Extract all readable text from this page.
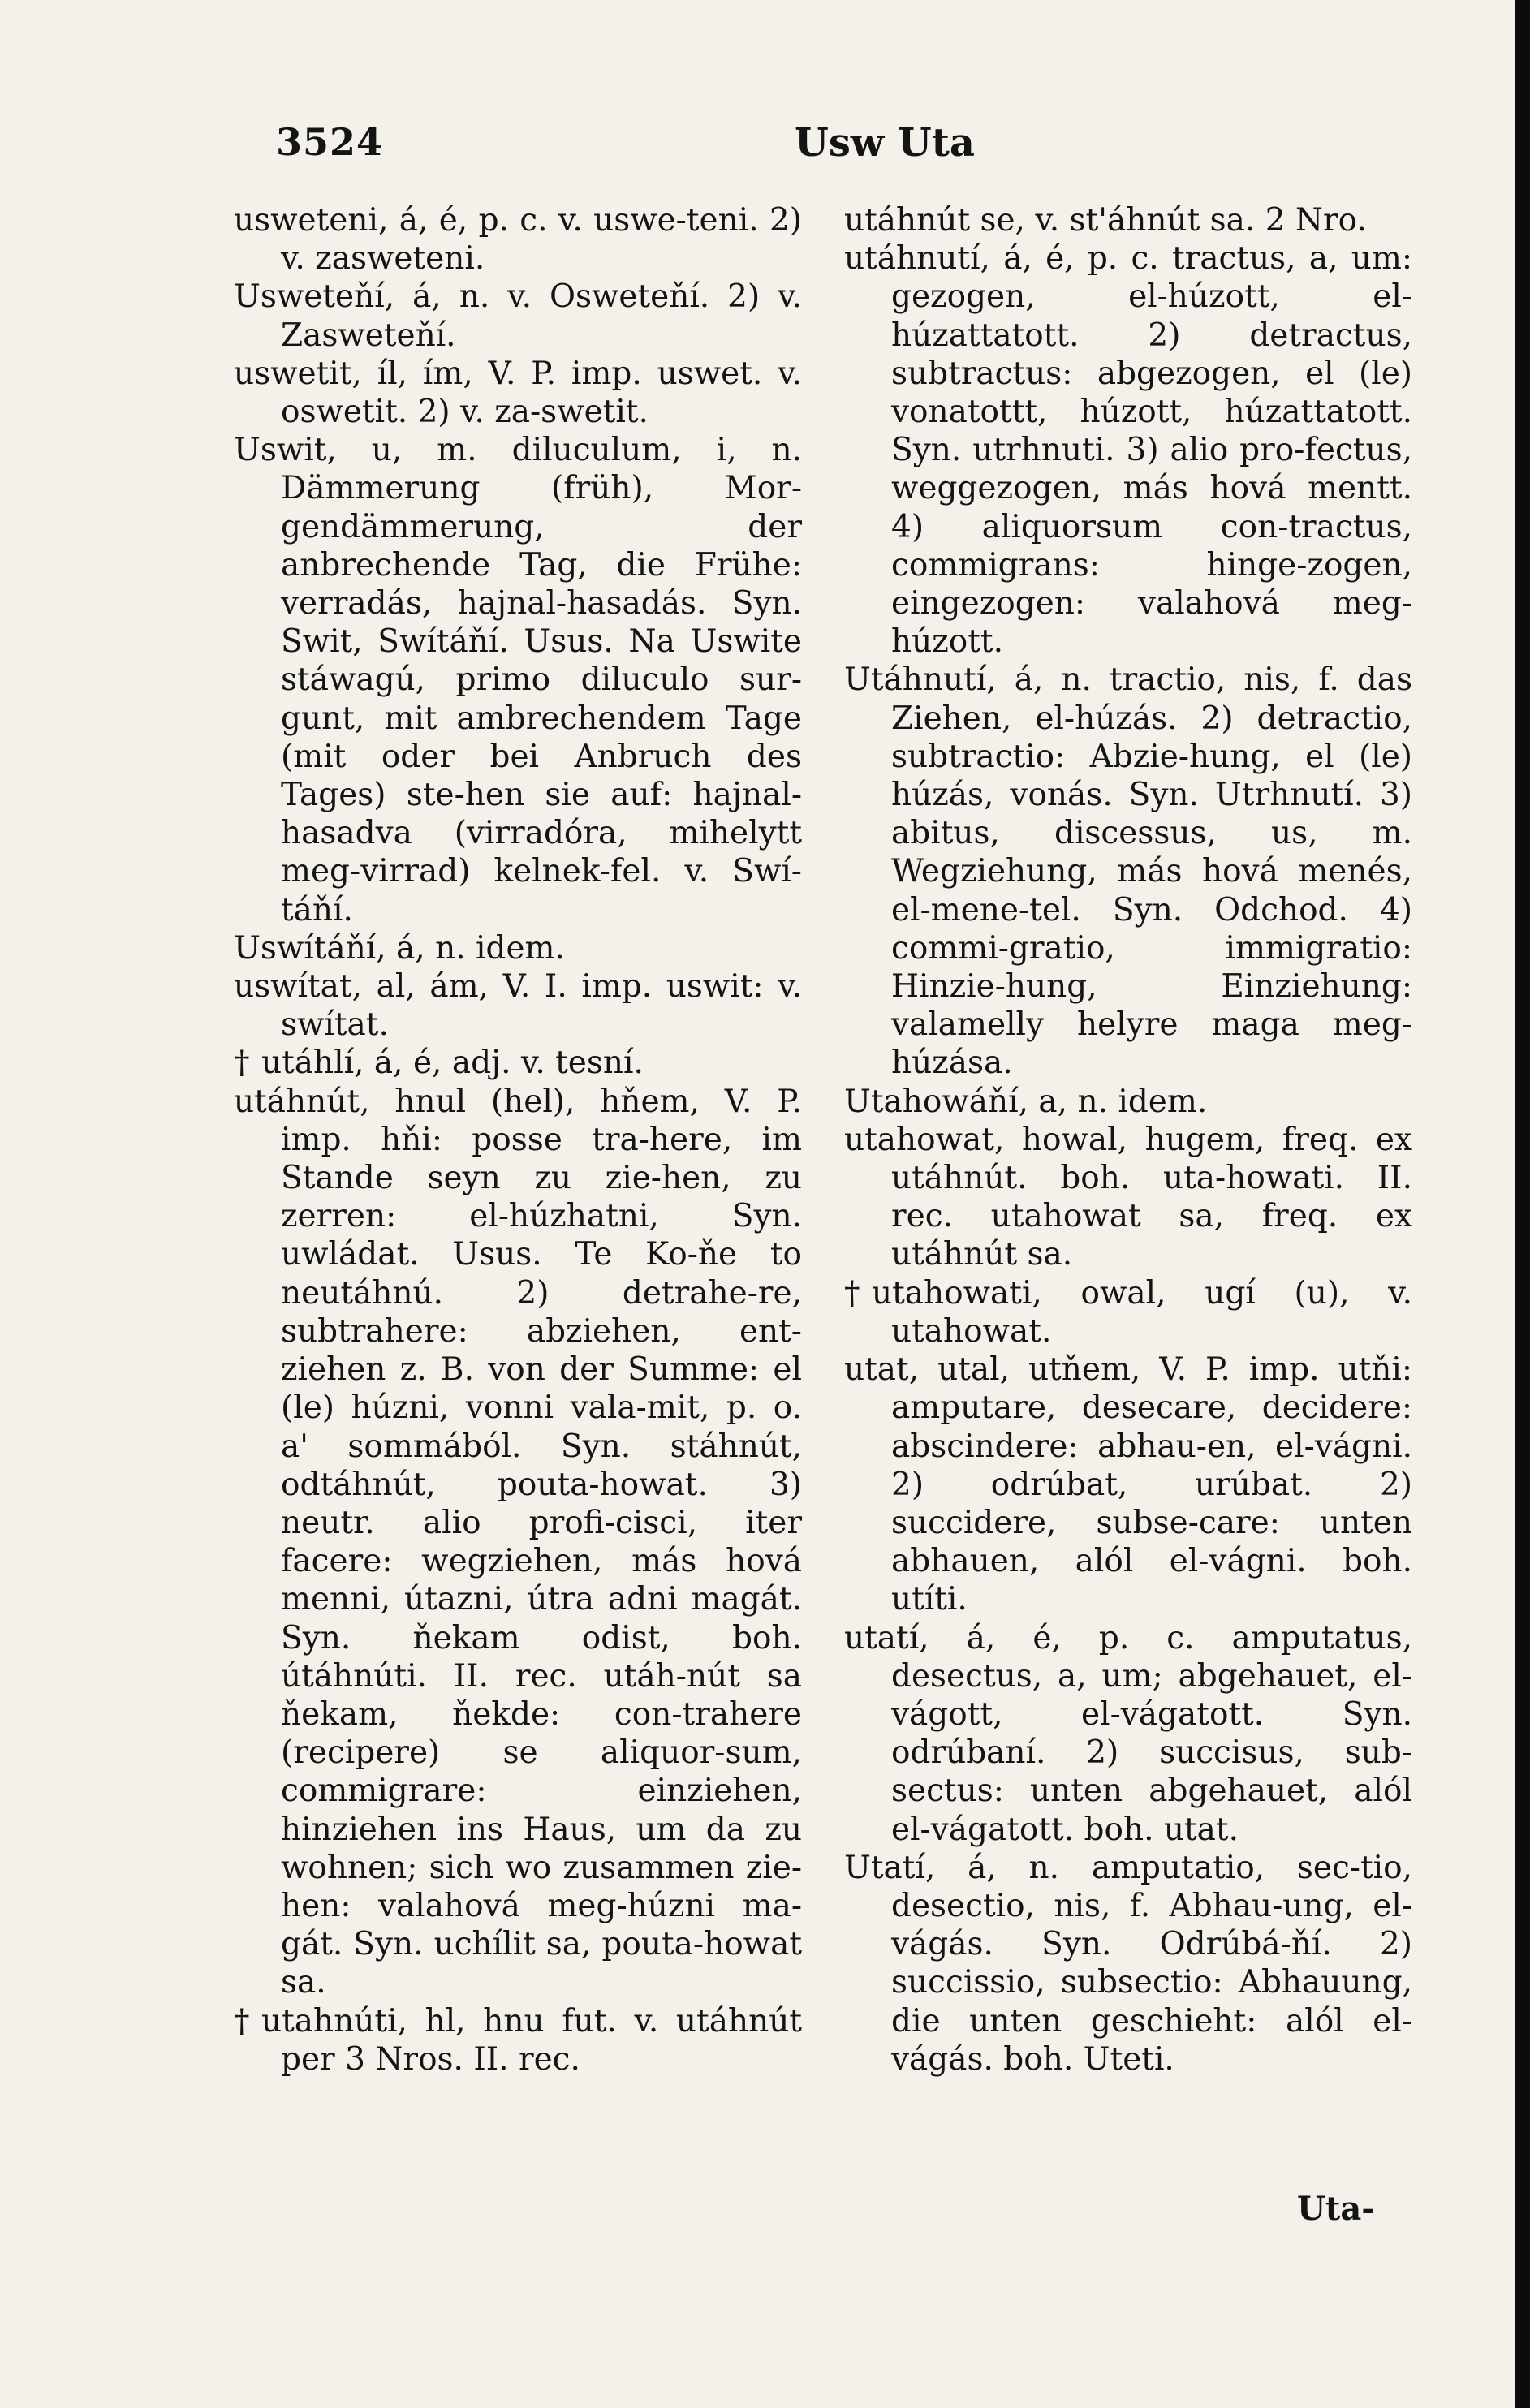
3524	Usw Uta

usweteni, á, é, p. c. v. uswe-teni. 2) v. zasweteni.

Usweteňí, á, n. v. Osweteňí. 2) v. Zasweteňí.

uswetit, íl, ím, V. P. imp. uswet. v. oswetit. 2) v. za-swetit.

Uswit, u, m. diluculum, i, n. Dämmerung (früh), Mor-gendämmerung, der anbrechende Tag, die Frühe: verradás, hajnal-hasadás. Syn. Swit, Swítáňí. Usus. Na Uswite stáwagú, primo diluculo sur-gunt, mit ambrechendem Tage (mit oder bei Anbruch des Tages) ste-hen sie auf: hajnal-hasadva (virradóra, mihelytt meg-virrad) kelnek-fel. v. Swí-táňí.

Uswítáňí, á, n. idem.

uswítat, al, ám, V. I. imp. uswit: v. swítat.

† utáhlí, á, é, adj. v. tesní.

utáhnút, hnul (hel), hňem, V. P. imp. hňi: posse tra-here, im Stande seyn zu zie-hen, zu zerren: el-húzhatni, Syn. uwládat. Usus. Te Ko-ňe to neutáhnú. 2) detrahe-re, subtrahere: abziehen, ent-ziehen z. B. von der Summe: el (le) húzni, vonni vala-mit, p. o. a' sommából. Syn. stáhnút, odtáhnút, pouta-howat. 3) neutr. alio profi-cisci, iter facere: wegziehen, más hová menni, útazni, útra adni magát. Syn. ňekam odist, boh. útáhnúti. II. rec. utáh-nút sa ňekam, ňekde: con-trahere (recipere) se aliquor-sum, commigrare: einziehen, hinziehen ins Haus, um da zu wohnen; sich wo zusammen zie-hen: valahová meg-húzni ma-gát. Syn. uchílit sa, pouta-howat sa.

† utahnúti, hl, hnu fut. v. utáhnút per 3 Nros. II. rec.

utáhnút se, v. st'áhnút sa. 2 Nro.

utáhnutí, á, é, p. c. tractus, a, um: gezogen, el-húzott, el-húzattatott. 2) detractus, subtractus: abgezogen, el (le) vonatottt, húzott, húzattatott. Syn. utrhnuti. 3) alio pro-fectus, weggezogen, más hová mentt. 4) aliquorsum con-tractus, commigrans: hinge-zogen, eingezogen: valahová meg-húzott.

Utáhnutí, á, n. tractio, nis, f. das Ziehen, el-húzás. 2) detractio, subtractio: Abzie-hung, el (le) húzás, vonás. Syn. Utrhnutí. 3) abitus, discessus, us, m. Wegziehung, más hová menés, el-mene-tel. Syn. Odchod. 4) commi-gratio, immigratio: Hinzie-hung, Einziehung: valamelly helyre maga meg-húzása.

Utahowáňí, a, n. idem.

utahowat, howal, hugem, freq. ex utáhnút. boh. uta-howati. II. rec. utahowat sa, freq. ex utáhnút sa.

† utahowati, owal, ugí (u), v. utahowat.

utat, utal, utňem, V. P. imp. utňi: amputare, desecare, decidere: abscindere: abhau-en, el-vágni. 2) odrúbat, urúbat. 2) succidere, subse-care: unten abhauen, alól el-vágni. boh. utíti.

utatí, á, é, p. c. amputatus, desectus, a, um; abgehauet, el-vágott, el-vágatott. Syn. odrúbaní. 2) succisus, sub-sectus: unten abgehauet, alól el-vágatott. boh. utat.

Utatí, á, n. amputatio, sec-tio, desectio, nis, f. Abhau-ung, el-vágás. Syn. Odrúbá-ňí. 2) succissio, subsectio: Abhauung, die unten geschieht: alól el-vágás. boh. Uteti.

Uta-
